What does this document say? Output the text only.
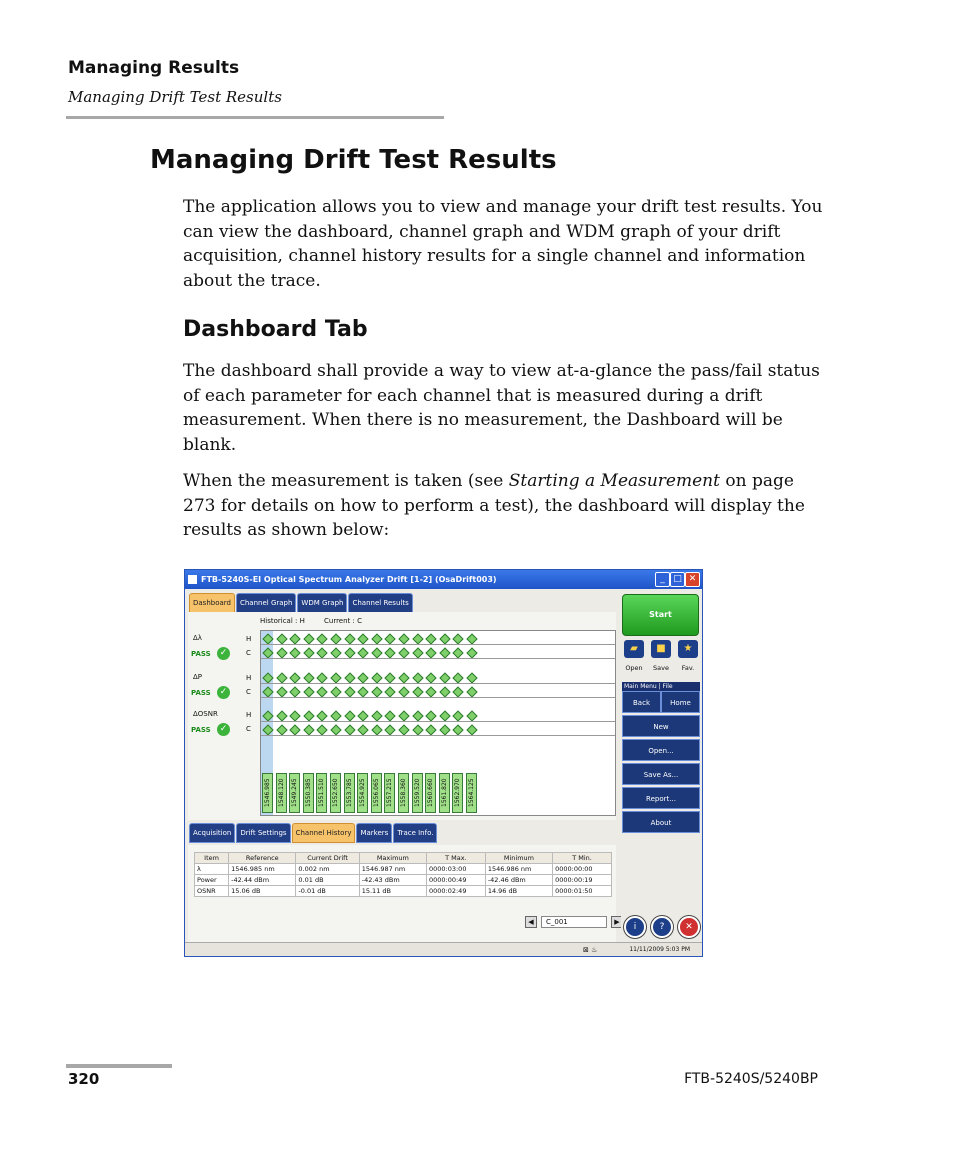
Managing Results
Managing Drift Test Results
Managing Drift Test Results

The application allows you to view and manage your drift test results. You can view the dashboard, channel graph and WDM graph of your drift acquisition, channel history results for a single channel and information about the trace.

Dashboard Tab

The dashboard shall provide a way to view at-a-glance the pass/fail status of each parameter for each channel that is measured during a drift measurement. When there is no measurement, the Dashboard will be blank.

When the measurement is taken (see Starting a Measurement on page 273 for details on how to perform a test), the dashboard will display the results as shown below:

FTB-5240S-EI Optical Spectrum Analyzer Drift [1-2] (OsaDrift003)	_ □ ✕
Dashboard	Channel Graph	WDM Graph	Channel Results
Historical : H	Current : C
Δλ
PASS	✓
H
C
ΔP
PASS	✓
H
C
ΔOSNR
PASS	✓
H
C
1546.985	1548.120	1549.245	1550.385	1551.510	1552.650	1553.785	1554.925	1556.065	1557.215	1558.360	1559.520	1560.660	1561.820	1562.970	1564.125
Acquisition	Drift Settings	Channel History	Markers	Trace Info.
Item	Reference	Current Drift	Maximum	T Max.	Minimum	T Min.
λ	1546.985 nm	0.002 nm	1546.987 nm	0000:03:00	1546.986 nm	0000:00:00
Power	-42.44 dBm	0.01 dB	-42.43 dBm	0000:00:49	-42.46 dBm	0000:00:19
OSNR	15.06 dB	-0.01 dB	15.11 dB	0000:02:49	14.96 dB	0000:01:50
◀	C_001	▶
Start
▰	■	★
Open	Save	Fav.
Main Menu | File
Back	Home
New
Open...
Save As...
Report...
About
i	?	✕
⊠ ♨	11/11/2009 5:03 PM
320	FTB-5240S/5240BP
